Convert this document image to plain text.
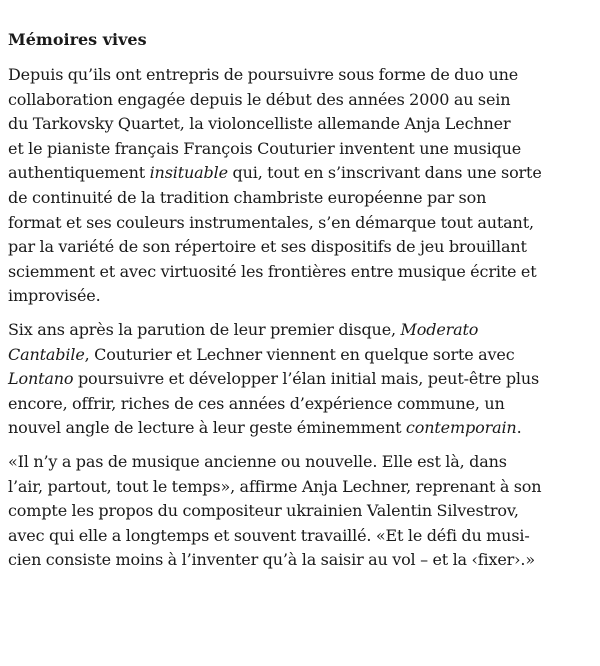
Mémoires vives

Depuis qu’ils ont entrepris de poursuivre sous forme de duo une
collaboration engagée depuis le début des années 2000 au sein
du Tarkovsky Quartet, la violoncelliste allemande Anja Lechner
et le pianiste français François Couturier inventent une musique
authentiquement insituable qui, tout en s’inscrivant dans une sorte
de continuité de la tradition chambriste européenne par son
format et ses couleurs instrumentales, s’en démarque tout autant,
par la variété de son répertoire et ses dispositifs de jeu brouillant
sciemment et avec virtuosité les frontières entre musique écrite et
improvisée.

Six ans après la parution de leur premier disque, Moderato
Cantabile, Couturier et Lechner viennent en quelque sorte avec
Lontano poursuivre et développer l’élan initial mais, peut-être plus
encore, offrir, riches de ces années d’expérience commune, un
nouvel angle de lecture à leur geste éminemment contemporain.

«Il n’y a pas de musique ancienne ou nouvelle. Elle est là, dans
l’air, partout, tout le temps», affirme Anja Lechner, reprenant à son
compte les propos du compositeur ukrainien Valentin Silvestrov,
avec qui elle a longtemps et souvent travaillé. «Et le défi du musi-
cien consiste moins à l’inventer qu’à la saisir au vol – et la ‹fixer›.»
